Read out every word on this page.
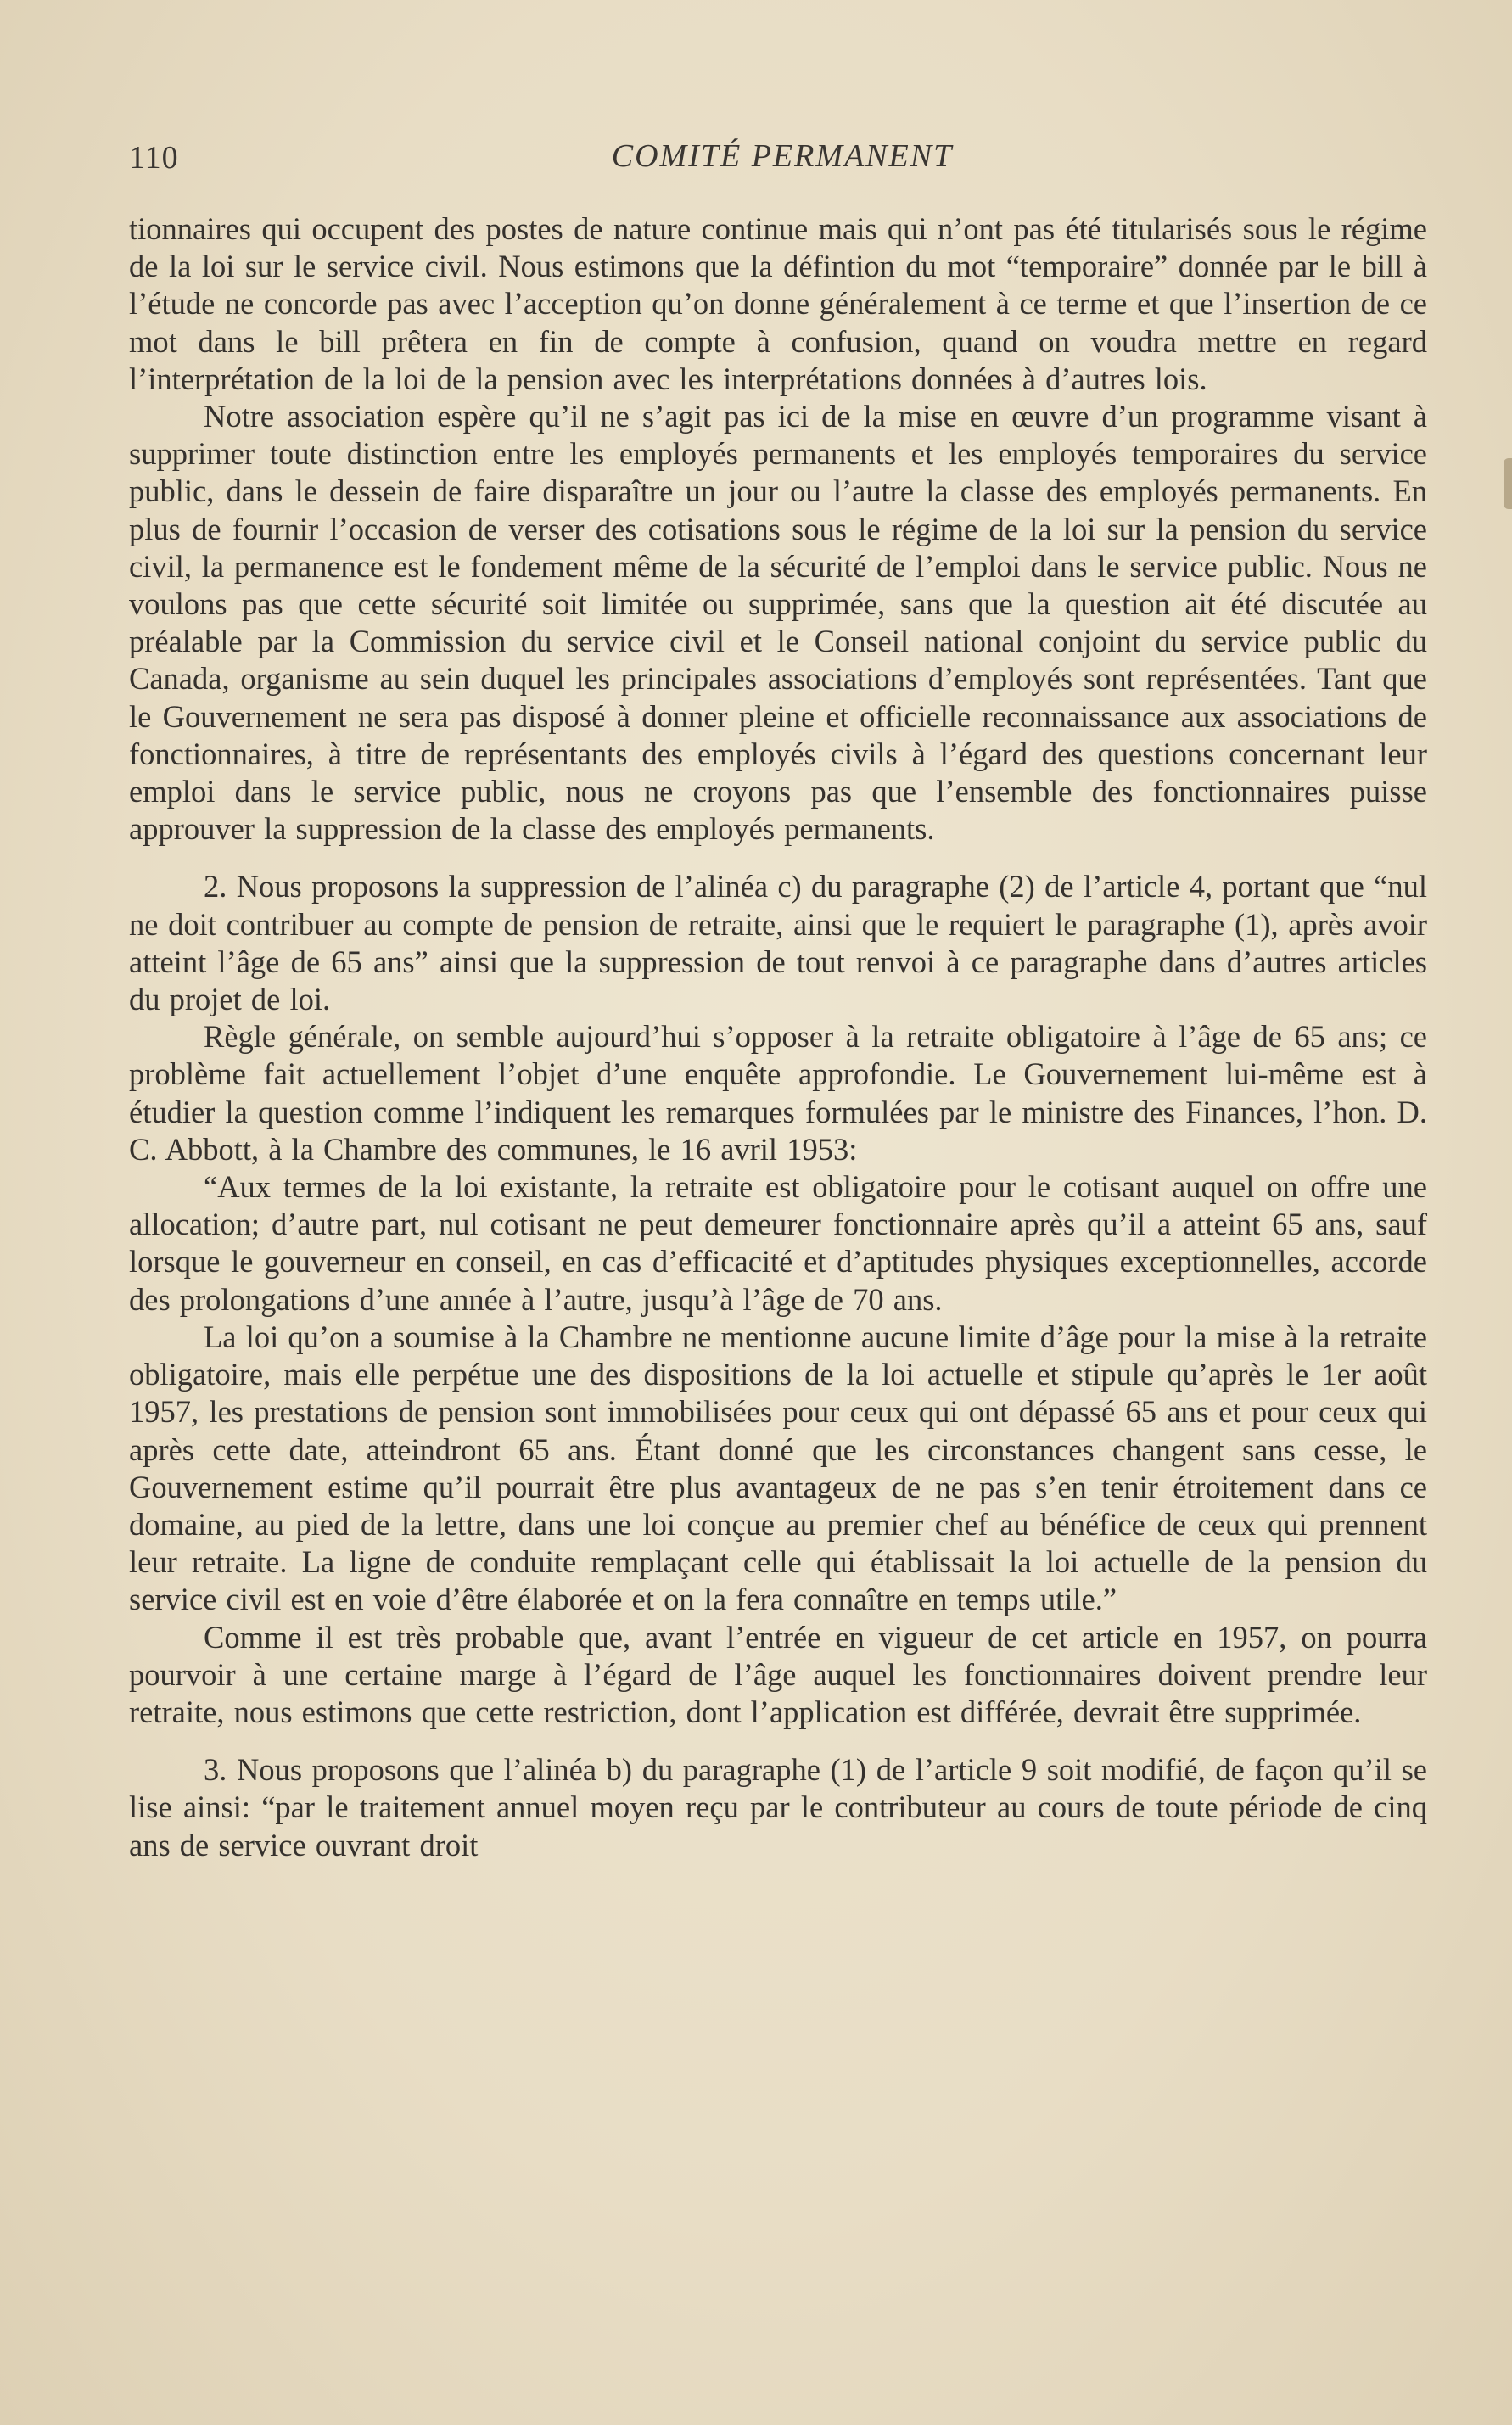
110	COMITÉ PERMANENT

tionnaires qui occupent des postes de nature continue mais qui n’ont pas été titularisés sous le régime de la loi sur le service civil. Nous estimons que la défintion du mot “temporaire” donnée par le bill à l’étude ne concorde pas avec l’acception qu’on donne généralement à ce terme et que l’insertion de ce mot dans le bill prêtera en fin de compte à confusion, quand on voudra mettre en regard l’interprétation de la loi de la pension avec les interprétations données à d’autres lois.

Notre association espère qu’il ne s’agit pas ici de la mise en œuvre d’un programme visant à supprimer toute distinction entre les employés permanents et les employés temporaires du service public, dans le dessein de faire disparaître un jour ou l’autre la classe des employés permanents. En plus de fournir l’occasion de verser des cotisations sous le régime de la loi sur la pension du service civil, la permanence est le fondement même de la sécurité de l’emploi dans le service public. Nous ne voulons pas que cette sécurité soit limitée ou supprimée, sans que la question ait été discutée au préalable par la Commission du service civil et le Conseil national conjoint du service public du Canada, organisme au sein duquel les principales associations d’employés sont représentées. Tant que le Gouvernement ne sera pas disposé à donner pleine et officielle reconnaissance aux associations de fonctionnaires, à titre de représentants des employés civils à l’égard des questions concernant leur emploi dans le service public, nous ne croyons pas que l’ensemble des fonctionnaires puisse approuver la suppression de la classe des employés permanents.

2. Nous proposons la suppression de l’alinéa c) du paragraphe (2) de l’article 4, portant que “nul ne doit contribuer au compte de pension de retraite, ainsi que le requiert le paragraphe (1), après avoir atteint l’âge de 65 ans” ainsi que la suppression de tout renvoi à ce paragraphe dans d’autres articles du projet de loi.

Règle générale, on semble aujourd’hui s’opposer à la retraite obligatoire à l’âge de 65 ans; ce problème fait actuellement l’objet d’une enquête approfondie. Le Gouvernement lui-même est à étudier la question comme l’indiquent les remarques formulées par le ministre des Finances, l’hon. D. C. Abbott, à la Chambre des communes, le 16 avril 1953:

“Aux termes de la loi existante, la retraite est obligatoire pour le cotisant auquel on offre une allocation; d’autre part, nul cotisant ne peut demeurer fonctionnaire après qu’il a atteint 65 ans, sauf lorsque le gouverneur en conseil, en cas d’efficacité et d’aptitudes physiques exceptionnelles, accorde des prolongations d’une année à l’autre, jusqu’à l’âge de 70 ans.

La loi qu’on a soumise à la Chambre ne mentionne aucune limite d’âge pour la mise à la retraite obligatoire, mais elle perpétue une des dispositions de la loi actuelle et stipule qu’après le 1er août 1957, les prestations de pension sont immobilisées pour ceux qui ont dépassé 65 ans et pour ceux qui après cette date, atteindront 65 ans. Étant donné que les circonstances changent sans cesse, le Gouvernement estime qu’il pourrait être plus avantageux de ne pas s’en tenir étroitement dans ce domaine, au pied de la lettre, dans une loi conçue au premier chef au bénéfice de ceux qui prennent leur retraite. La ligne de conduite remplaçant celle qui établissait la loi actuelle de la pension du service civil est en voie d’être élaborée et on la fera connaître en temps utile.”

Comme il est très probable que, avant l’entrée en vigueur de cet article en 1957, on pourra pourvoir à une certaine marge à l’égard de l’âge auquel les fonctionnaires doivent prendre leur retraite, nous estimons que cette restriction, dont l’application est différée, devrait être supprimée.

3. Nous proposons que l’alinéa b) du paragraphe (1) de l’article 9 soit modifié, de façon qu’il se lise ainsi: “par le traitement annuel moyen reçu par le contributeur au cours de toute période de cinq ans de service ouvrant droit
